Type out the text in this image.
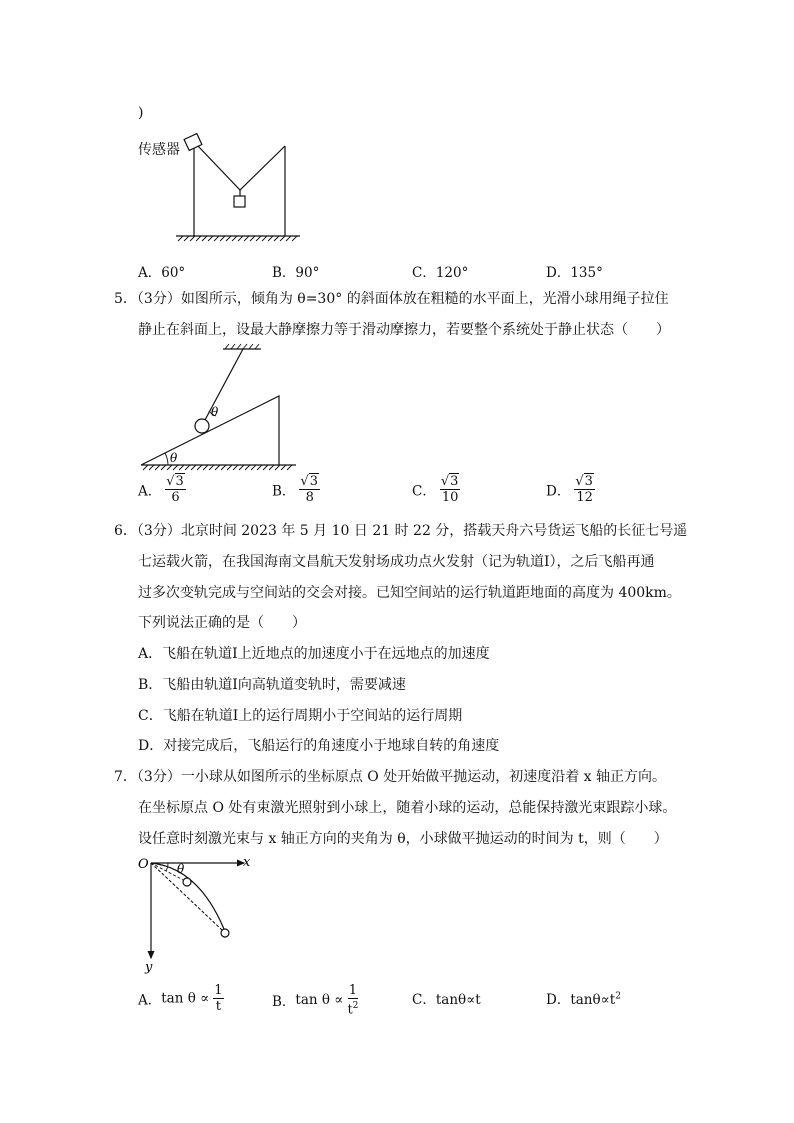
)
传感器
A．60°	B．90°	C．120°	D．135°
5．（3分）如图所示，倾角为 θ=30° 的斜面体放在粗糙的水平面上，光滑小球用绳子拉住
静止在斜面上，设最大静摩擦力等于滑动摩擦力，若要整个系统处于静止状态（　　）
θ
θ
A． $\frac{√3}{6}$	B． $\frac{√3}{8}$	C． $\frac{√3}{10}$	D． $\frac{√3}{12}$
6．（3分）北京时间 2023 年 5 月 10 日 21 时 22 分，搭载天舟六号货运飞船的长征七号遥
七运载火箭，在我国海南文昌航天发射场成功点火发射（记为轨道Ⅰ），之后飞船再通
过多次变轨完成与空间站的交会对接。已知空间站的运行轨道距地面的高度为 400km。
下列说法正确的是（　　）
A．飞船在轨道Ⅰ上近地点的加速度小于在远地点的加速度
B．飞船由轨道Ⅰ向高轨道变轨时，需要减速
C．飞船在轨道Ⅰ上的运行周期小于空间站的运行周期
D．对接完成后，飞船运行的角速度小于地球自转的角速度
7．（3分）一小球从如图所示的坐标原点 O 处开始做平抛运动，初速度沿着 x 轴正方向。
在坐标原点 O 处有束激光照射到小球上，随着小球的运动，总能保持激光束跟踪小球。
设任意时刻激光束与 x 轴正方向的夹角为 θ，小球做平抛运动的时间为 t，则（　　）
O	x
y
θ
A．$\tan \theta \propto \frac{1}{t}$	B．$\tan \theta \propto \frac{1}{t^2}$	C．tanθ∝t	D．$\tan\theta\propto t^2$
